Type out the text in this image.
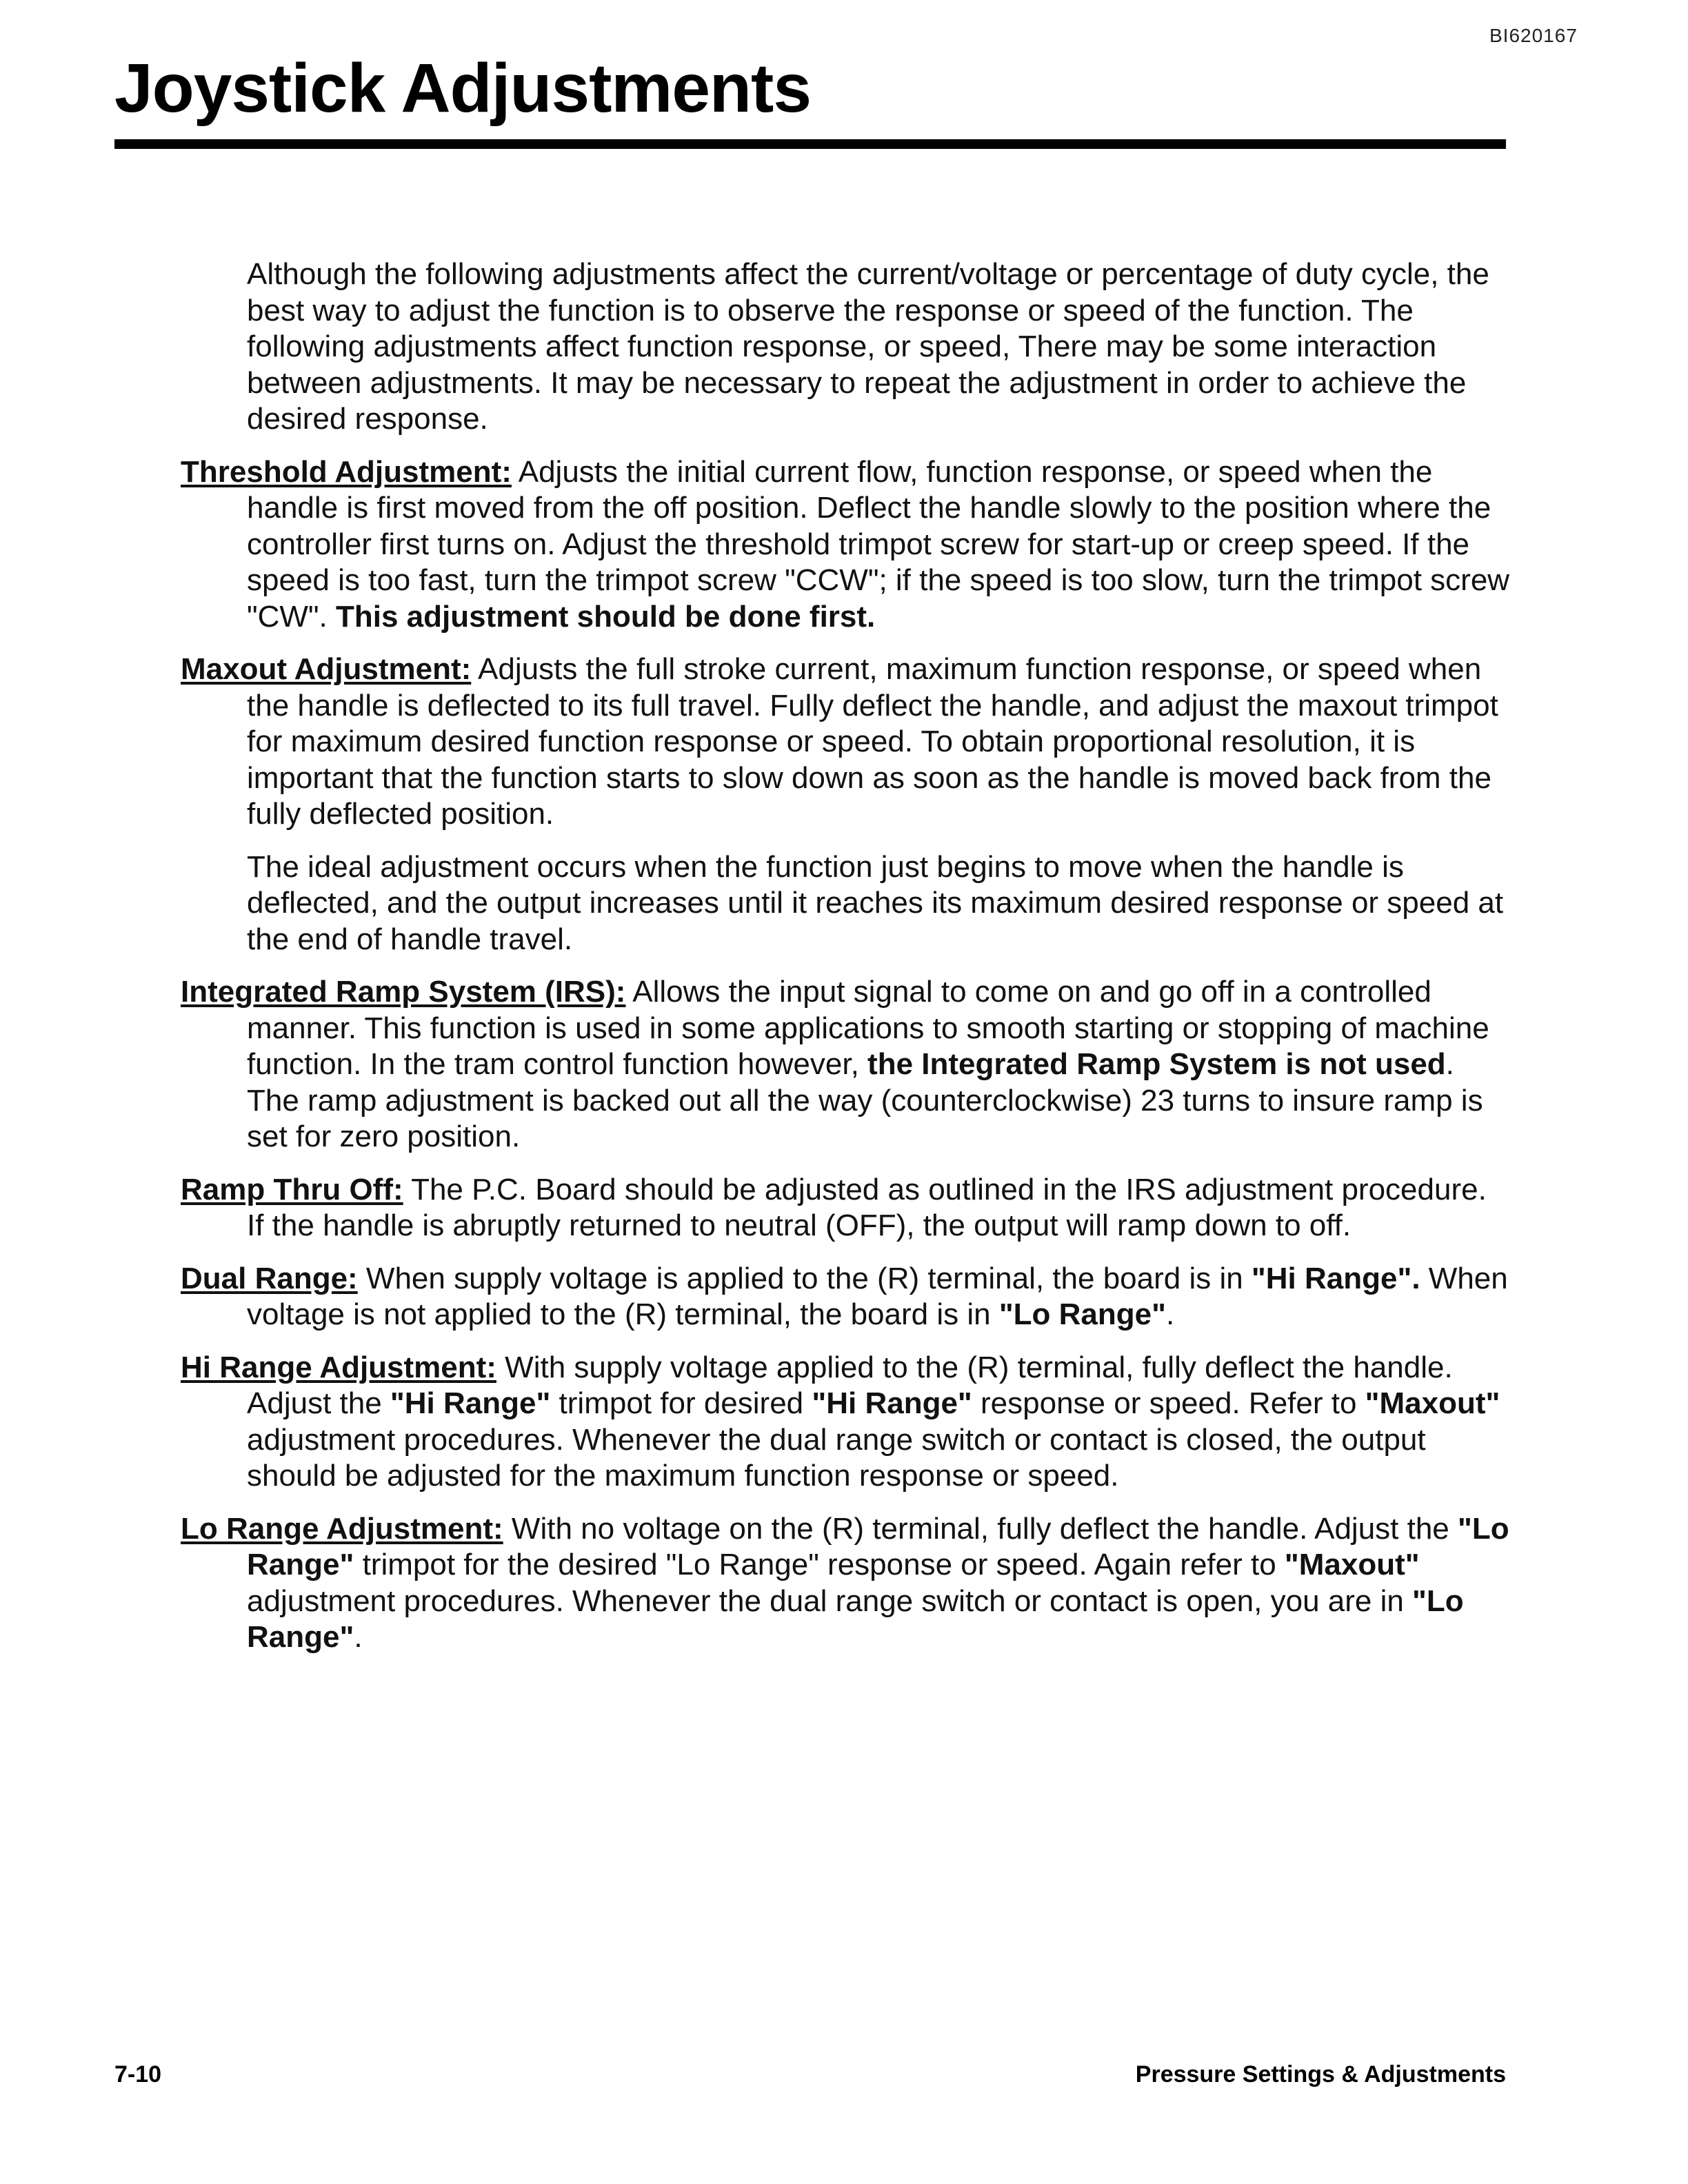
BI620167
Joystick Adjustments

Although the following adjustments affect the current/voltage or percentage of duty cycle, the best way to adjust the function is to observe the response or speed of the function. The following adjustments affect function response, or speed, There may be some interaction between adjustments. It may be necessary to repeat the adjustment in order to achieve the desired response.

Threshold Adjustment: Adjusts the initial current flow, function response, or speed when the handle is first moved from the off position. Deflect the handle slowly to the position where the controller first turns on. Adjust the threshold trimpot screw for start-up or creep speed. If the speed is too fast, turn the trimpot screw "CCW"; if the speed is too slow, turn the trimpot screw "CW". This adjustment should be done first.

Maxout Adjustment: Adjusts the full stroke current, maximum function response, or speed when the handle is deflected to its full travel. Fully deflect the handle, and adjust the maxout trimpot for maximum desired function response or speed. To obtain proportional resolution, it is important that the function starts to slow down as soon as the handle is moved back from the fully deflected position.

The ideal adjustment occurs when the function just begins to move when the handle is deflected, and the output increases until it reaches its maximum desired response or speed at the end of handle travel.

Integrated Ramp System (IRS): Allows the input signal to come on and go off in a controlled manner. This function is used in some applications to smooth starting or stopping of machine function. In the tram control function however, the Integrated Ramp System is not used. The ramp adjustment is backed out all the way (counterclockwise) 23 turns to insure ramp is set for zero position.

Ramp Thru Off: The P.C. Board should be adjusted as outlined in the IRS adjustment procedure. If the handle is abruptly returned to neutral (OFF), the output will ramp down to off.

Dual Range: When supply voltage is applied to the (R) terminal, the board is in "Hi Range". When voltage is not applied to the (R) terminal, the board is in "Lo Range".

Hi Range Adjustment: With supply voltage applied to the (R) terminal, fully deflect the handle. Adjust the "Hi Range" trimpot for desired "Hi Range" response or speed. Refer to "Maxout" adjustment procedures. Whenever the dual range switch or contact is closed, the output should be adjusted for the maximum function response or speed.

Lo Range Adjustment: With no voltage on the (R) terminal, fully deflect the handle. Adjust the "Lo Range" trimpot for the desired "Lo Range" response or speed. Again refer to "Maxout" adjustment procedures. Whenever the dual range switch or contact is open, you are in "Lo Range".

7-10	Pressure Settings & Adjustments
